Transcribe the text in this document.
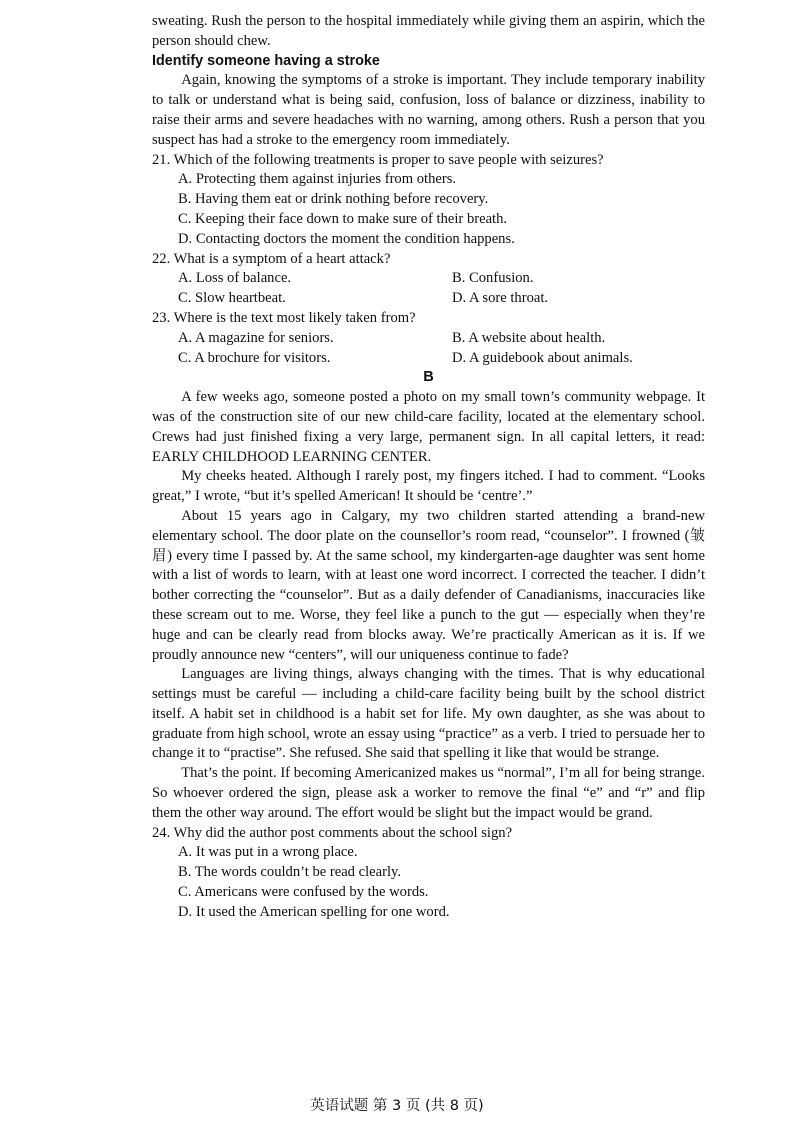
sweating. Rush the person to the hospital immediately while giving them an aspirin, which the person should chew.

Identify someone having a stroke

Again, knowing the symptoms of a stroke is important. They include temporary inability to talk or understand what is being said, confusion, loss of balance or dizziness, inability to raise their arms and severe headaches with no warning, among others. Rush a person that you suspect has had a stroke to the emergency room immediately.

21. Which of the following treatments is proper to save people with seizures?
A. Protecting them against injuries from others.
B. Having them eat or drink nothing before recovery.
C. Keeping their face down to make sure of their breath.
D. Contacting doctors the moment the condition happens.
22. What is a symptom of a heart attack?
A. Loss of balance.	B. Confusion.
C. Slow heartbeat.	D. A sore throat.
23. Where is the text most likely taken from?
A. A magazine for seniors.	B. A website about health.
C. A brochure for visitors.	D. A guidebook about animals.
B

A few weeks ago, someone posted a photo on my small town’s community webpage. It was of the construction site of our new child-care facility, located at the elementary school. Crews had just finished fixing a very large, permanent sign. In all capital letters, it read: EARLY CHILDHOOD LEARNING CENTER.

My cheeks heated. Although I rarely post, my fingers itched. I had to comment. “Looks great,” I wrote, “but it’s spelled American! It should be ‘centre’.”

About 15 years ago in Calgary, my two children started attending a brand-new elementary school. The door plate on the counsellor’s room read, “counselor”. I frowned (皱眉) every time I passed by. At the same school, my kindergarten-age daughter was sent home with a list of words to learn, with at least one word incorrect. I corrected the teacher. I didn’t bother correcting the “counselor”. But as a daily defender of Canadianisms, inaccuracies like these scream out to me. Worse, they feel like a punch to the gut — especially when they’re huge and can be clearly read from blocks away. We’re practically American as it is. If we proudly announce new “centers”, will our uniqueness continue to fade?

Languages are living things, always changing with the times. That is why educational settings must be careful — including a child-care facility being built by the school district itself. A habit set in childhood is a habit set for life. My own daughter, as she was about to graduate from high school, wrote an essay using “practice” as a verb. I tried to persuade her to change it to “practise”. She refused. She said that spelling it like that would be strange.

That’s the point. If becoming Americanized makes us “normal”, I’m all for being strange. So whoever ordered the sign, please ask a worker to remove the final “e” and “r” and flip them the other way around. The effort would be slight but the impact would be grand.

24. Why did the author post comments about the school sign?
A. It was put in a wrong place.
B. The words couldn’t be read clearly.
C. Americans were confused by the words.
D. It used the American spelling for one word.
英语试题 第 3 页 (共 8 页)
